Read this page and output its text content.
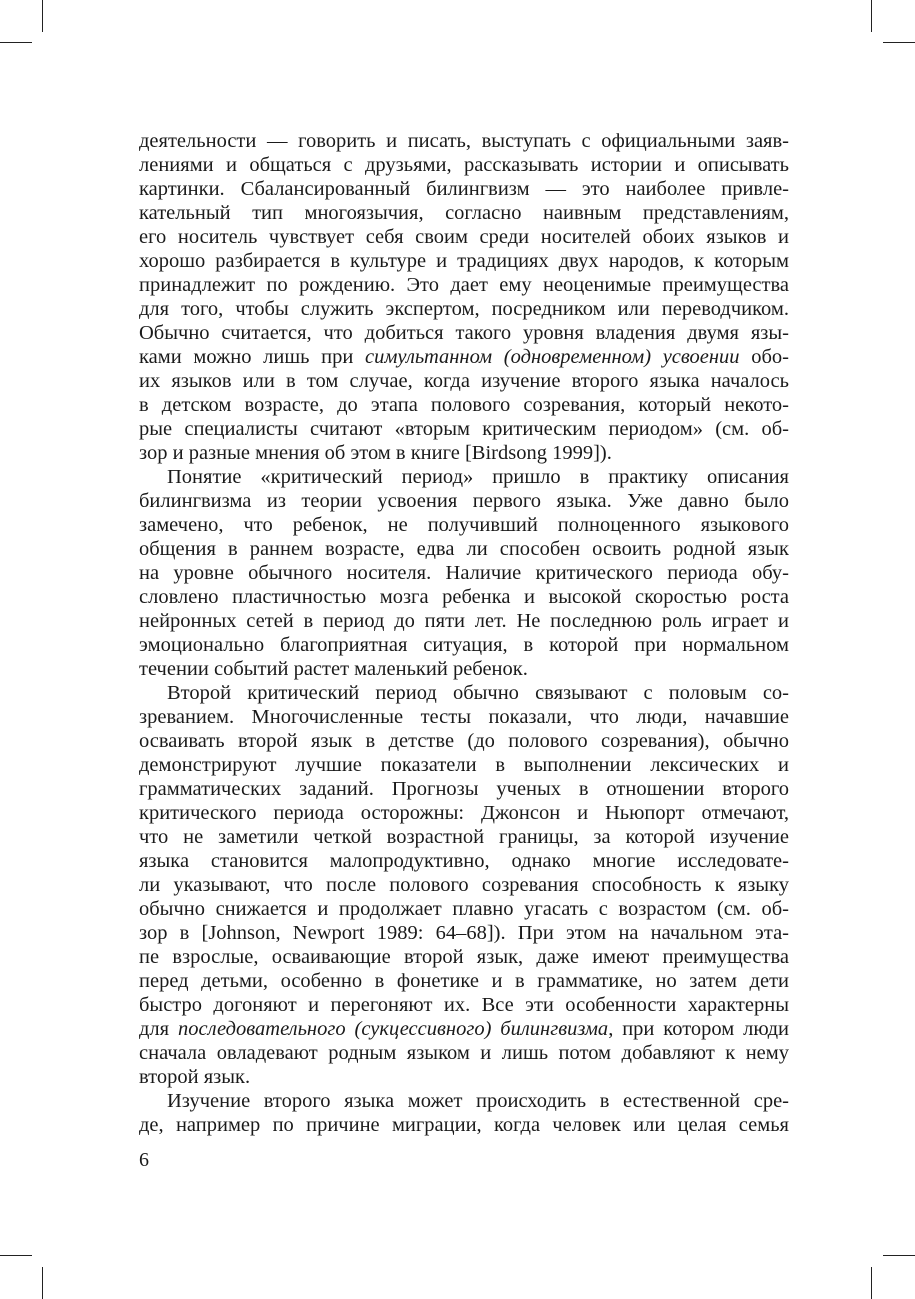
деятельности — говорить и писать, выступать с официальными заяв-
лениями и общаться с друзьями, рассказывать истории и описывать
картинки. Сбалансированный билингвизм — это наиболее привле-
кательный тип многоязычия, согласно наивным представлениям,
его носитель чувствует себя своим среди носителей обоих языков и
хорошо разбирается в культуре и традициях двух народов, к которым
принадлежит по рождению. Это дает ему неоценимые преимущества
для того, чтобы служить экспертом, посредником или переводчиком.
Обычно считается, что добиться такого уровня владения двумя язы-
ками можно лишь при симультанном (одновременном) усвоении обо-
их языков или в том случае, когда изучение второго языка началось
в детском возрасте, до этапа полового созревания, который некото-
рые специалисты считают «вторым критическим периодом» (см. об-
зор и разные мнения об этом в книге [Birdsong 1999]).
Понятие «критический период» пришло в практику описания
билингвизма из теории усвоения первого языка. Уже давно было
замечено, что ребенок, не получивший полноценного языкового
общения в раннем возрасте, едва ли способен освоить родной язык
на уровне обычного носителя. Наличие критического периода обу-
словлено пластичностью мозга ребенка и высокой скоростью роста
нейронных сетей в период до пяти лет. Не последнюю роль играет и
эмоционально благоприятная ситуация, в которой при нормальном
течении событий растет маленький ребенок.
Второй критический период обычно связывают с половым со-
зреванием. Многочисленные тесты показали, что люди, начавшие
осваивать второй язык в детстве (до полового созревания), обычно
демонстрируют лучшие показатели в выполнении лексических и
грамматических заданий. Прогнозы ученых в отношении второго
критического периода осторожны: Джонсон и Ньюпорт отмечают,
что не заметили четкой возрастной границы, за которой изучение
языка становится малопродуктивно, однако многие исследовате-
ли указывают, что после полового созревания способность к языку
обычно снижается и продолжает плавно угасать с возрастом (см. об-
зор в [Johnson, Newport 1989: 64–68]). При этом на начальном эта-
пе взрослые, осваивающие второй язык, даже имеют преимущества
перед детьми, особенно в фонетике и в грамматике, но затем дети
быстро догоняют и перегоняют их. Все эти особенности характерны
для последовательного (сукцессивного) билингвизма, при котором люди
сначала овладевают родным языком и лишь потом добавляют к нему
второй язык.
Изучение второго языка может происходить в естественной сре-
де, например по причине миграции, когда человек или целая семья
6
